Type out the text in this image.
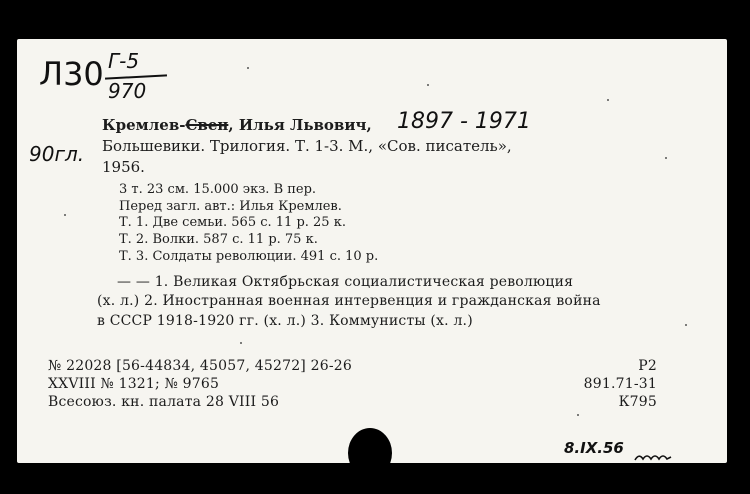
Л30 Г-5
970
90гл.
Кремлев-Свен, Илья Львович, 1897 - 1971
Большевики. Трилогия. Т. 1-3. М., «Сов. писатель»,
1956.
3 т. 23 см. 15.000 экз. В пер.
Перед загл. авт.: Илья Кремлев.
Т. 1. Две семьи. 565 с. 11 р. 25 к.
Т. 2. Волки. 587 с. 11 р. 75 к.
Т. 3. Солдаты революции. 491 с. 10 р.
— — 1. Великая Октябрьская социалистическая революция
(х. л.) 2. Иностранная военная интервенция и гражданская война
в СССР 1918-1920 гг. (х. л.) 3. Коммунисты (х. л.)
№ 22028 [56-44834, 45057, 45272] 26-26
XXVIII № 1321; № 9765
Всесоюз. кн. палата 28 VIII 56
Р2
891.71-31
К795
8.IX.56
